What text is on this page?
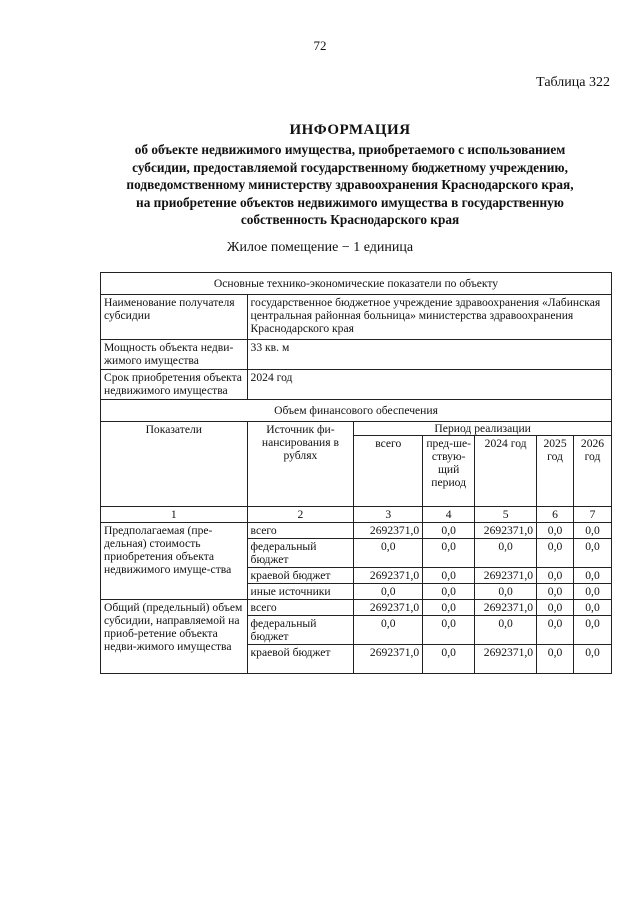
72
Таблица 322
ИНФОРМАЦИЯ
об объекте недвижимого имущества, приобретаемого с использованием
субсидии, предоставляемой государственному бюджетному учреждению,
подведомственному министерству здравоохранения Краснодарского края,
на приобретение объектов недвижимого имущества в государственную
собственность Краснодарского края
Жилое помещение − 1 единица
Основные технико-экономические показатели по объекту						
Наименование получателя субсидии	государственное бюджетное учреждение здравоохранения «Лабинская центральная районная больница» министерства здравоохранения Краснодарского края					
Мощность объекта недви-жимого имущества	33 кв. м					
Срок приобретения объекта недвижимого имущества	2024 год					
Объем финансового обеспечения						
Показатели	Источник фи-нансирования в рублях	Период реализации				
		всего	пред-ше-ствую-щий период	2024 год	2025 год	2026 год
1	2	3	4	5	6	7
Предполагаемая (пре-дельная) стоимость приобретения объекта недвижимого имуще-ства	всего	2692371,0	0,0	2692371,0	0,0	0,0
	федеральный бюджет	0,0	0,0	0,0	0,0	0,0
	краевой бюджет	2692371,0	0,0	2692371,0	0,0	0,0
	иные источники	0,0	0,0	0,0	0,0	0,0
Общий (предельный) объем субсидии, направляемой на приоб-ретение объекта недви-жимого имущества	всего	2692371,0	0,0	2692371,0	0,0	0,0
	федеральный бюджет	0,0	0,0	0,0	0,0	0,0
	краевой бюджет	2692371,0	0,0	2692371,0	0,0	0,0
